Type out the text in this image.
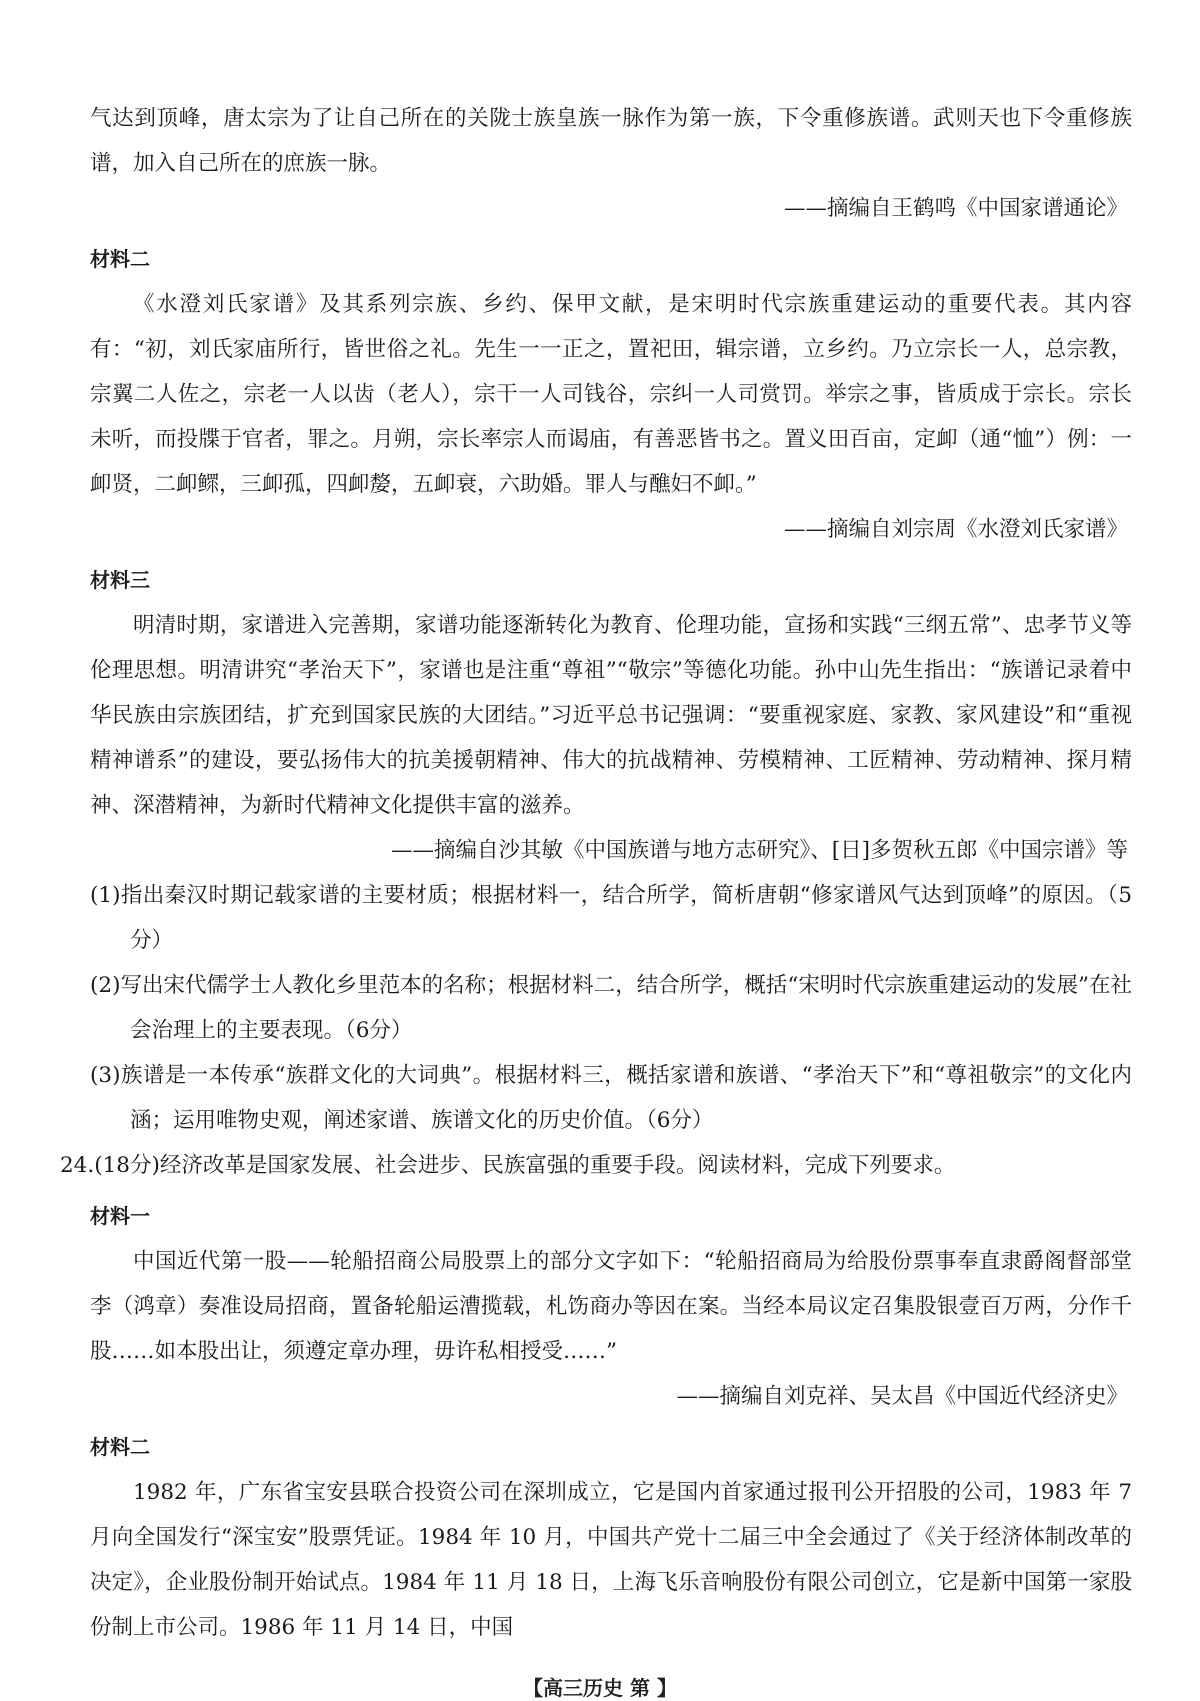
气达到顶峰，唐太宗为了让自己所在的关陇士族皇族一脉作为第一族，下令重修族谱。武则天也下令重修族谱，加入自己所在的庶族一脉。

——摘编自王鹤鸣《中国家谱通论》

材料二

《水澄刘氏家谱》及其系列宗族、乡约、保甲文献，是宋明时代宗族重建运动的重要代表。其内容有：“初，刘氏家庙所行，皆世俗之礼。先生一一正之，置祀田，辑宗谱，立乡约。乃立宗长一人，总宗教，宗翼二人佐之，宗老一人以齿（老人），宗干一人司钱谷，宗纠一人司赏罚。举宗之事，皆质成于宗长。宗长未听，而投牒于官者，罪之。月朔，宗长率宗人而谒庙，有善恶皆书之。置义田百亩，定卹（通“恤”）例：一卹贤，二卹鳏，三卹孤，四卹嫠，五卹衰，六助婚。罪人与醮妇不卹。”

——摘编自刘宗周《水澄刘氏家谱》

材料三

明清时期，家谱进入完善期，家谱功能逐渐转化为教育、伦理功能，宣扬和实践“三纲五常”、忠孝节义等伦理思想。明清讲究“孝治天下”，家谱也是注重“尊祖”“敬宗”等德化功能。孙中山先生指出：“族谱记录着中华民族由宗族团结，扩充到国家民族的大团结。”习近平总书记强调：“要重视家庭、家教、家风建设”和“重视精神谱系”的建设，要弘扬伟大的抗美援朝精神、伟大的抗战精神、劳模精神、工匠精神、劳动精神、探月精神、深潜精神，为新时代精神文化提供丰富的滋养。

——摘编自沙其敏《中国族谱与地方志研究》、[日]多贺秋五郎《中国宗谱》等

(1)指出秦汉时期记载家谱的主要材质；根据材料一，结合所学，简析唐朝“修家谱风气达到顶峰”的原因。（5分）

(2)写出宋代儒学士人教化乡里范本的名称；根据材料二，结合所学，概括“宋明时代宗族重建运动的发展”在社会治理上的主要表现。（6分）

(3)族谱是一本传承“族群文化的大词典”。根据材料三，概括家谱和族谱、“孝治天下”和“尊祖敬宗”的文化内涵；运用唯物史观，阐述家谱、族谱文化的历史价值。（6分）

24.(18分)经济改革是国家发展、社会进步、民族富强的重要手段。阅读材料，完成下列要求。

材料一

中国近代第一股——轮船招商公局股票上的部分文字如下：“轮船招商局为给股份票事奉直隶爵阁督部堂李（鸿章）奏准设局招商，置备轮船运漕揽载，札饬商办等因在案。当经本局议定召集股银壹百万两，分作千股……如本股出让，须遵定章办理，毋许私相授受……”

——摘编自刘克祥、吴太昌《中国近代经济史》

材料二

1982 年，广东省宝安县联合投资公司在深圳成立，它是国内首家通过报刊公开招股的公司，1983 年 7 月向全国发行“深宝安”股票凭证。1984 年 10 月，中国共产党十二届三中全会通过了《关于经济体制改革的决定》，企业股份制开始试点。1984 年 11 月 18 日，上海飞乐音响股份有限公司创立，它是新中国第一家股份制上市公司。1986 年 11 月 14 日，中国

【高三历史 第 】
